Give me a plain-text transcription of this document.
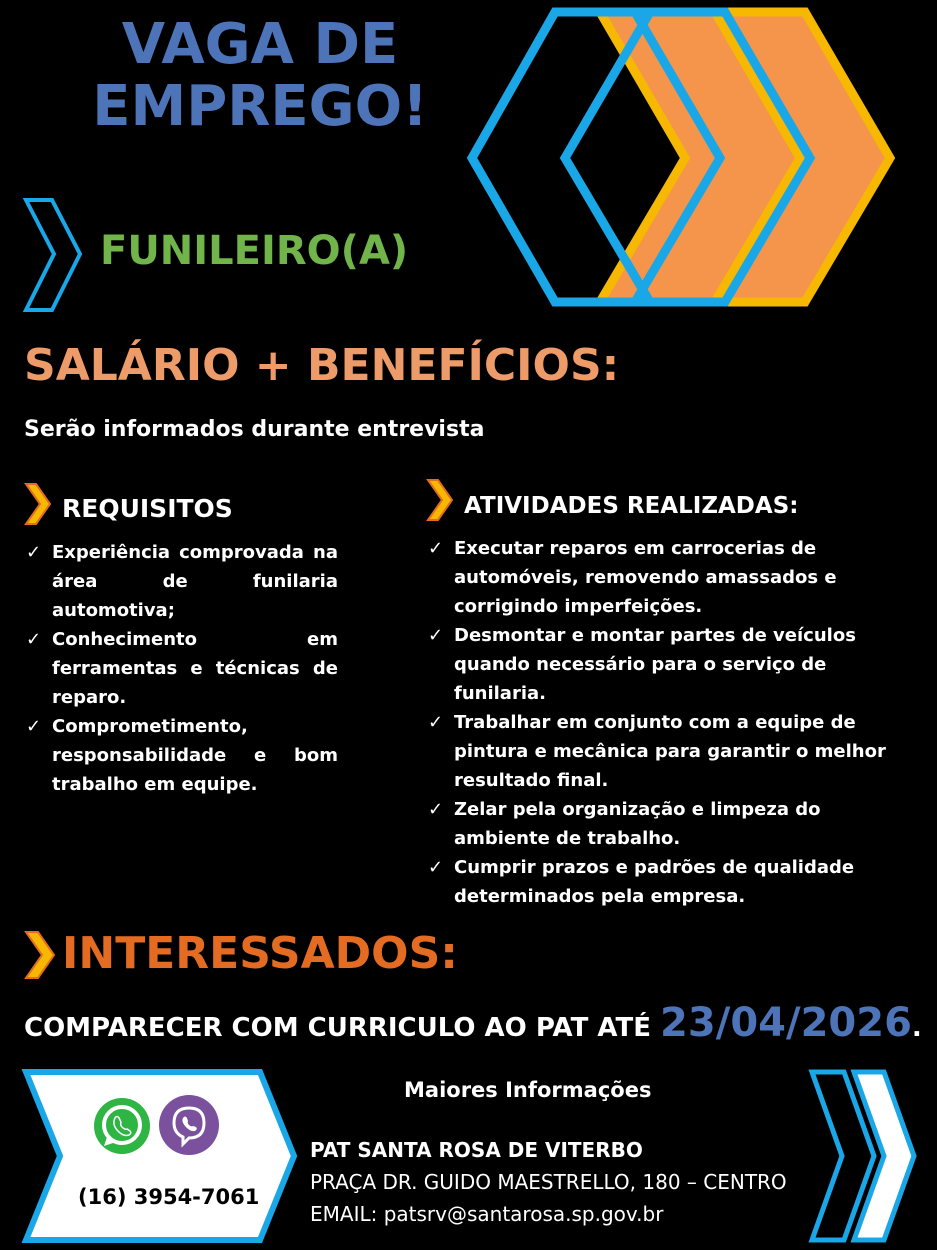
VAGA DE
EMPREGO!
FUNILEIRO(A)
SALÁRIO + BENEFÍCIOS:
Serão informados durante entrevista
REQUISITOS
✓ Experiência comprovada na área de funilaria automotiva;
✓ Conhecimento em ferramentas e técnicas de reparo.
✓ Comprometimento, responsabilidade e bom trabalho em equipe.
ATIVIDADES REALIZADAS:
✓ Executar reparos em carrocerias de automóveis, removendo amassados e corrigindo imperfeições.
✓ Desmontar e montar partes de veículos quando necessário para o serviço de funilaria.
✓ Trabalhar em conjunto com a equipe de pintura e mecânica para garantir o melhor resultado final.
✓ Zelar pela organização e limpeza do ambiente de trabalho.
✓ Cumprir prazos e padrões de qualidade determinados pela empresa.
INTERESSADOS:
COMPARECER COM CURRICULO AO PAT ATÉ 23/04/2026.
(16) 3954-7061
Maiores Informações
PAT SANTA ROSA DE VITERBO
PRAÇA DR. GUIDO MAESTRELLO, 180 – CENTRO
EMAIL: patsrv@santarosa.sp.gov.br
